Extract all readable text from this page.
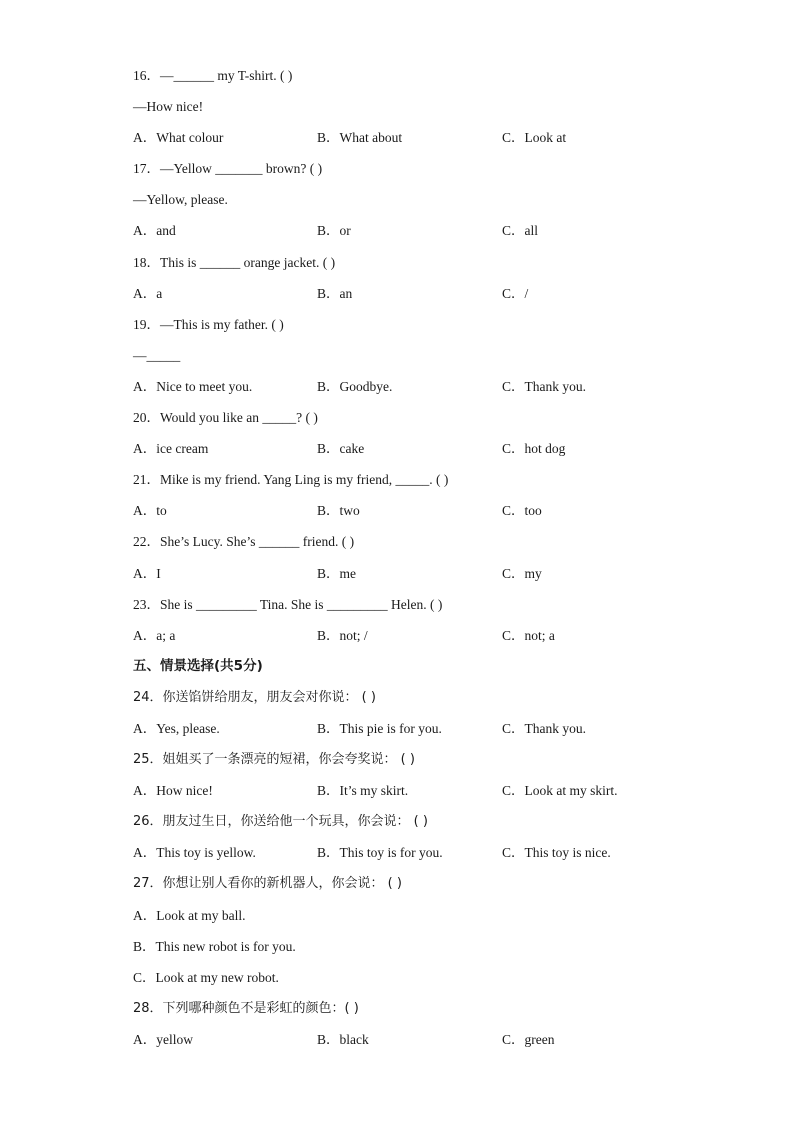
16．—______ my T-shirt. ( )
—How nice!
A．What colour	B．What about	C．Look at
17．—Yellow _______ brown? ( )
—Yellow, please.
A．and	B．or	C．all
18．This is ______ orange jacket. ( )
A．a	B．an	C．/
19．—This is my father. ( )
—_____
A．Nice to meet you.	B．Goodbye.	C．Thank you.
20．Would you like an _____? ( )
A．ice cream	B．cake	C．hot dog
21．Mike is my friend. Yang Ling is my friend, _____. ( )
A．to	B．two	C．too
22．She’s Lucy. She’s ______ friend. ( )
A．I	B．me	C．my
23．She is _________ Tina. She is _________ Helen. ( )
A．a; a	B．not; /	C．not; a
五、情景选择(共5分)
24．你送馅饼给朋友，朋友会对你说： ( )
A．Yes, please.	B．This pie is for you.	C．Thank you.
25．姐姐买了一条漂亮的短裙，你会夸奖说： ( )
A．How nice!	B．It’s my skirt.	C．Look at my skirt.
26．朋友过生日，你送给他一个玩具，你会说： ( )
A．This toy is yellow.	B．This toy is for you.	C．This toy is nice.
27．你想让别人看你的新机器人，你会说： ( )
A．Look at my ball.
B．This new robot is for you.
C．Look at my new robot.
28．下列哪种颜色不是彩虹的颜色：( )
A．yellow	B．black	C．green
